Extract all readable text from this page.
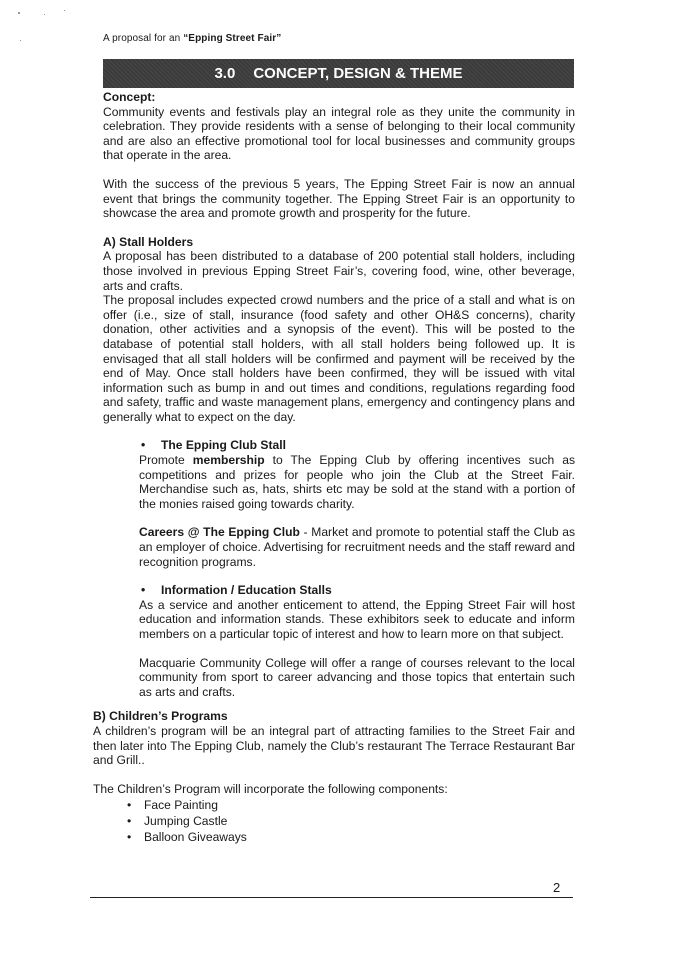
A proposal for an “Epping Street Fair”
3.0 CONCEPT, DESIGN & THEME
Concept:

Community events and festivals play an integral role as they unite the community in celebration. They provide residents with a sense of belonging to their local community and are also an effective promotional tool for local businesses and community groups that operate in the area.

With the success of the previous 5 years, The Epping Street Fair is now an annual event that brings the community together. The Epping Street Fair is an opportunity to showcase the area and promote growth and prosperity for the future.

A) Stall Holders

A proposal has been distributed to a database of 200 potential stall holders, including those involved in previous Epping Street Fair’s, covering food, wine, other beverage, arts and crafts.

The proposal includes expected crowd numbers and the price of a stall and what is on offer (i.e., size of stall, insurance (food safety and other OH&S concerns), charity donation, other activities and a synopsis of the event). This will be posted to the database of potential stall holders, with all stall holders being followed up. It is envisaged that all stall holders will be confirmed and payment will be received by the end of May. Once stall holders have been confirmed, they will be issued with vital information such as bump in and out times and conditions, regulations regarding food and safety, traffic and waste management plans, emergency and contingency plans and generally what to expect on the day.

• The Epping Club Stall

Promote membership to The Epping Club by offering incentives such as competitions and prizes for people who join the Club at the Street Fair. Merchandise such as, hats, shirts etc may be sold at the stand with a portion of the monies raised going towards charity.

Careers @ The Epping Club - Market and promote to potential staff the Club as an employer of choice. Advertising for recruitment needs and the staff reward and recognition programs.

• Information / Education Stalls

As a service and another enticement to attend, the Epping Street Fair will host education and information stands. These exhibitors seek to educate and inform members on a particular topic of interest and how to learn more on that subject.

Macquarie Community College will offer a range of courses relevant to the local community from sport to career advancing and those topics that entertain such as arts and crafts.

B) Children’s Programs

A children’s program will be an integral part of attracting families to the Street Fair and then later into The Epping Club, namely the Club’s restaurant The Terrace Restaurant Bar and Grill..

The Children’s Program will incorporate the following components:

• Face Painting
• Jumping Castle
• Balloon Giveaways
2
